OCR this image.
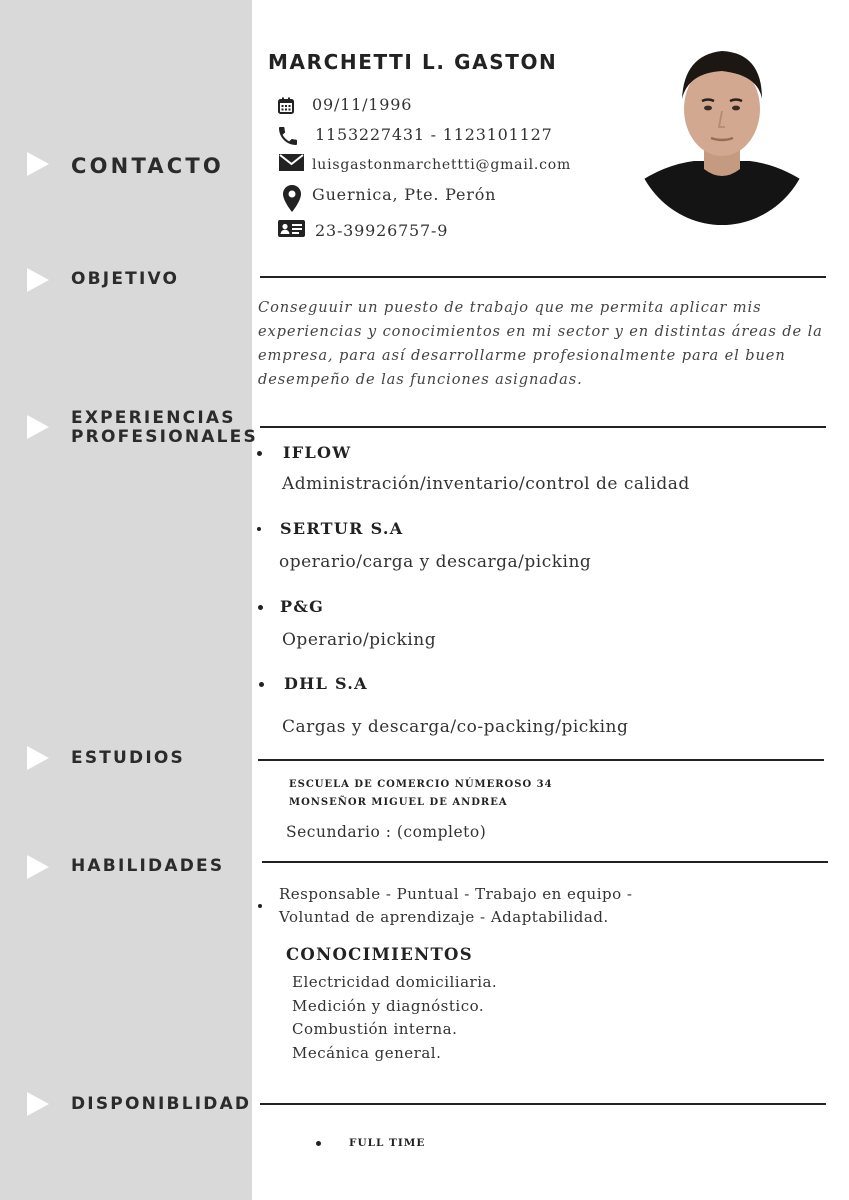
CONTACTO
OBJETIVO
EXPERIENCIAS
PROFESIONALES
ESTUDIOS
HABILIDADES
DISPONIBLIDAD
MARCHETTI L. GASTON
09/11/1996
1153227431 - 1123101127
luisgastonmarchettti@gmail.com
Guernica, Pte. Perón
23-39926757-9
Conseguuir un puesto de trabajo que me permita aplicar mis experiencias y conocimientos en mi sector y en distintas áreas de la empresa, para así desarrollarme profesionalmente para el buen desempeño de las funciones asignadas.
IFLOW
Administración/inventario/control de calidad
SERTUR S.A
operario/carga y descarga/picking
P&G
Operario/picking
DHL S.A
Cargas y descarga/co-packing/picking
ESCUELA DE COMERCIO NÚMEROSO 34
MONSEÑOR MIGUEL DE ANDREA
Secundario : (completo)
Responsable - Puntual - Trabajo en equipo -
Voluntad de aprendizaje - Adaptabilidad.
CONOCIMIENTOS
Electricidad domiciliaria.
Medición y diagnóstico.
Combustión interna.
Mecánica general.
FULL TIME
